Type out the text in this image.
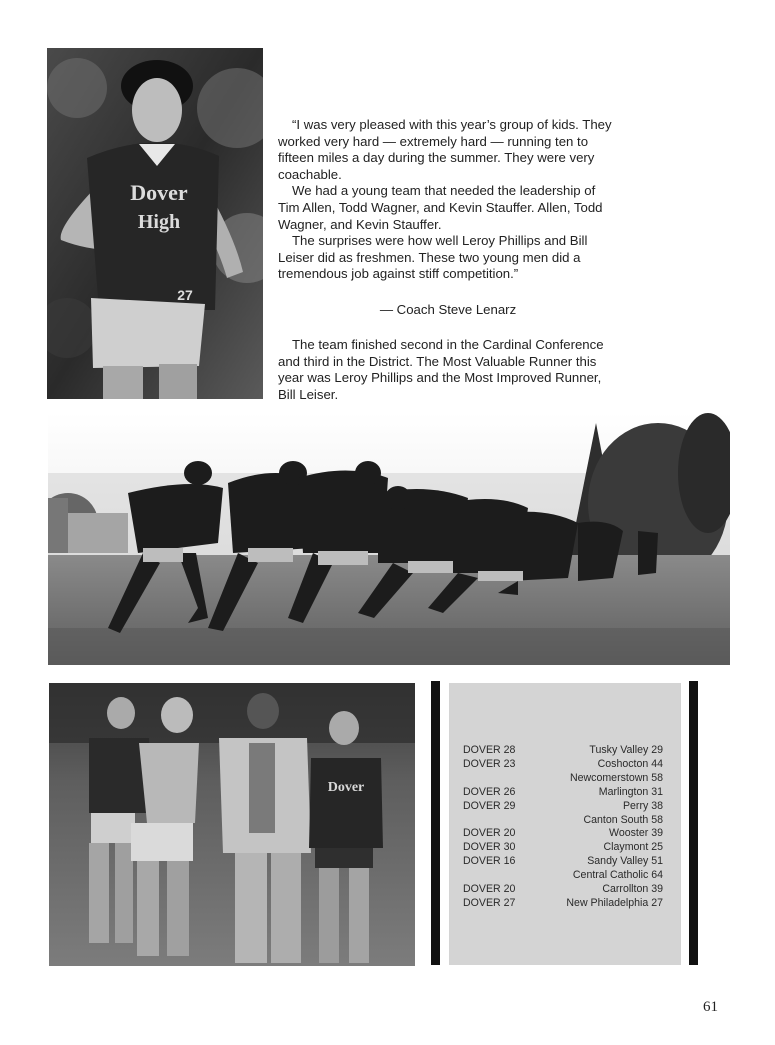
Dover
High
27

“I was very pleased with this year’s group of kids. They worked very hard — extremely hard — running ten to fifteen miles a day during the summer. They were very coachable.

We had a young team that needed the leadership of Tim Allen, Todd Wagner, and Kevin Stauffer. Allen, Todd Wagner, and Kevin Stauffer.

The surprises were how well Leroy Phillips and Bill Leiser did as freshmen. These two young men did a tremendous job against stiff competition.”

— Coach Steve Lenarz
The team finished second in the Cardinal Conference and third in the District. The Most Valuable Runner this year was Leroy Phillips and the Most Improved Runner, Bill Leiser.
Dover
DOVER 28	Tusky Valley 29
DOVER 23	Coshocton 44
Newcomerstown 58
DOVER 26	Marlington 31
DOVER 29	Perry 38
Canton South 58
DOVER 20	Wooster 39
DOVER 30	Claymont 25
DOVER 16	Sandy Valley 51
Central Catholic 64
DOVER 20	Carrollton 39
DOVER 27	New Philadelphia 27
61
